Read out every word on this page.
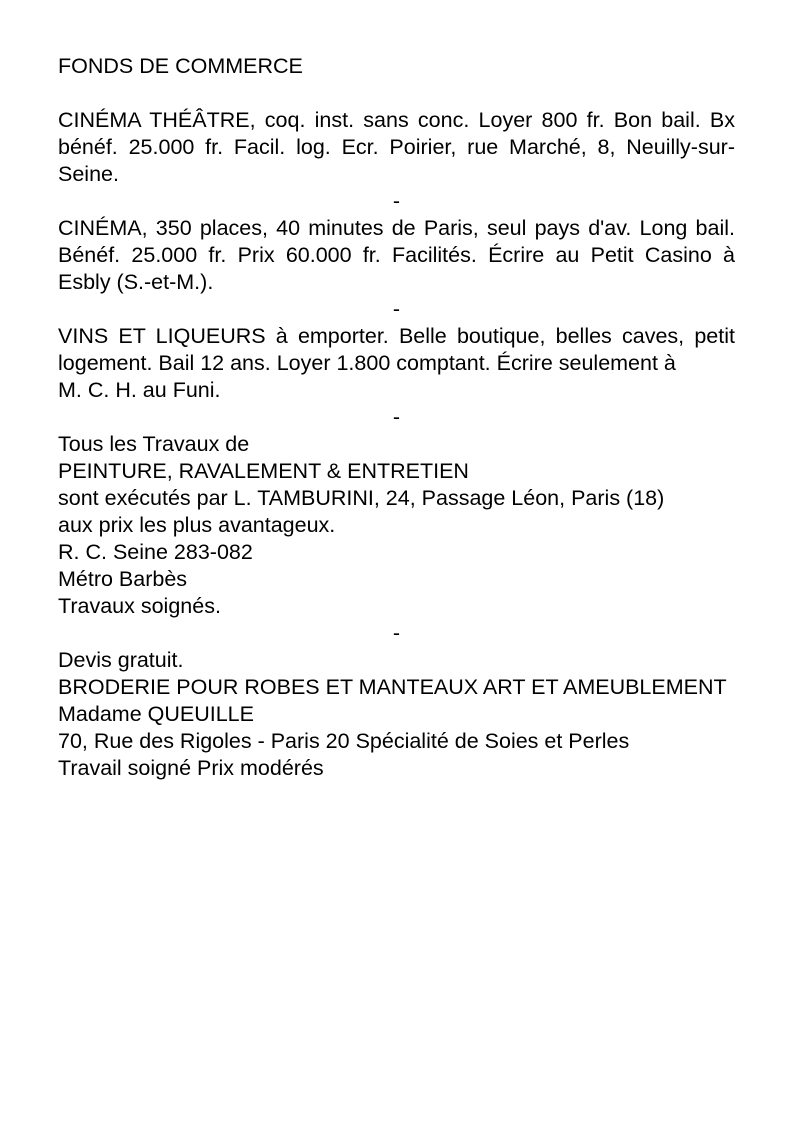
FONDS DE COMMERCE

CINÉMA THÉÂTRE, coq. inst. sans conc. Loyer 800 fr. Bon bail. Bx bénéf. 25.000 fr. Facil. log. Ecr. Poirier, rue Marché, 8, Neuilly-sur-Seine.

-

CINÉMA, 350 places, 40 minutes de Paris, seul pays d'av. Long bail. Bénéf. 25.000 fr. Prix 60.000 fr. Facilités. Écrire au Petit Casino à Esbly (S.-et-M.).

-

VINS ET LIQUEURS à emporter. Belle boutique, belles caves, petit logement. Bail 12 ans. Loyer 1.800 comptant. Écrire seulement à

M. C. H. au Funi.

-

Tous les Travaux de

PEINTURE, RAVALEMENT & ENTRETIEN

sont exécutés par L. TAMBURINI, 24, Passage Léon, Paris (18)

aux prix les plus avantageux.

R. C. Seine 283-082

Métro Barbès

Travaux soignés.

-

Devis gratuit.

BRODERIE POUR ROBES ET MANTEAUX ART ET AMEUBLEMENT

Madame QUEUILLE

70, Rue des Rigoles - Paris 20 Spécialité de Soies et Perles

Travail soigné Prix modérés
